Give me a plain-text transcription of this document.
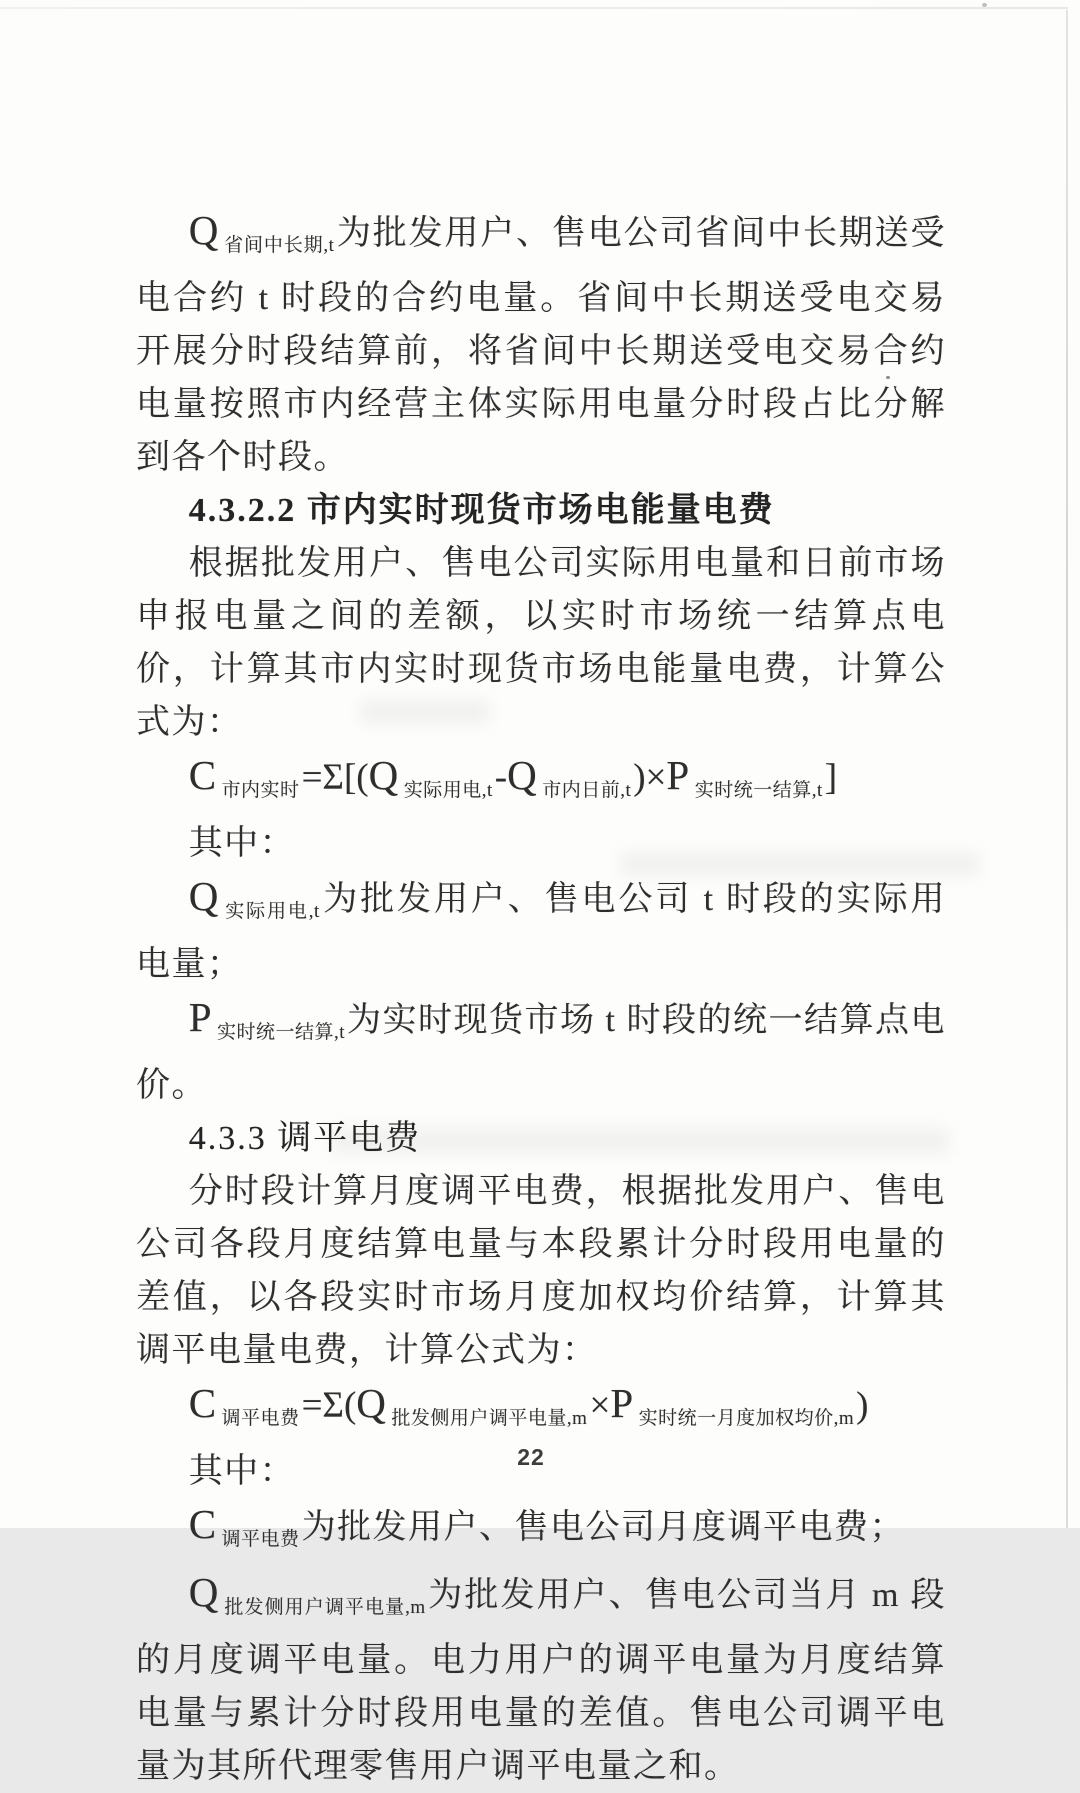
Q $_{省间中长期,t}$为批发用户、售电公司省间中长期送受电合约 t 时段的合约电量。省间中长期送受电交易开展分时段结算前，将省间中长期送受电交易合约电量按照市内经营主体实际用电量分时段占比分解到各个时段。
4.3.2.2 市内实时现货市场电能量电费
根据批发用户、售电公司实际用电量和日前市场申报电量之间的差额，以实时市场统一结算点电价，计算其市内实时现货市场电能量电费，计算公式为：
C $_{市内实时}$=Σ[(Q $_{实际用电,t}$-Q $_{市内日前,t}$)×P $_{实时统一结算,t}$]
其中：
Q $_{实际用电,t}$为批发用户、售电公司 t 时段的实际用电量；
P $_{实时统一结算,t}$为实时现货市场 t 时段的统一结算点电价。
4.3.3 调平电费
分时段计算月度调平电费，根据批发用户、售电公司各段月度结算电量与本段累计分时段用电量的差值，以各段实时市场月度加权均价结算，计算其调平电量电费，计算公式为：
C $_{调平电费}$=Σ(Q $_{批发侧用户调平电量,m}$×P $_{实时统一月度加权均价,m}$)
其中：
C $_{调平电费}$为批发用户、售电公司月度调平电费；
Q $_{批发侧用户调平电量,m}$为批发用户、售电公司当月 m 段的月度调平电量。电力用户的调平电量为月度结算电量与累计分时段用电量的差值。售电公司调平电量为其所代理零售用户调平电量之和。
22
